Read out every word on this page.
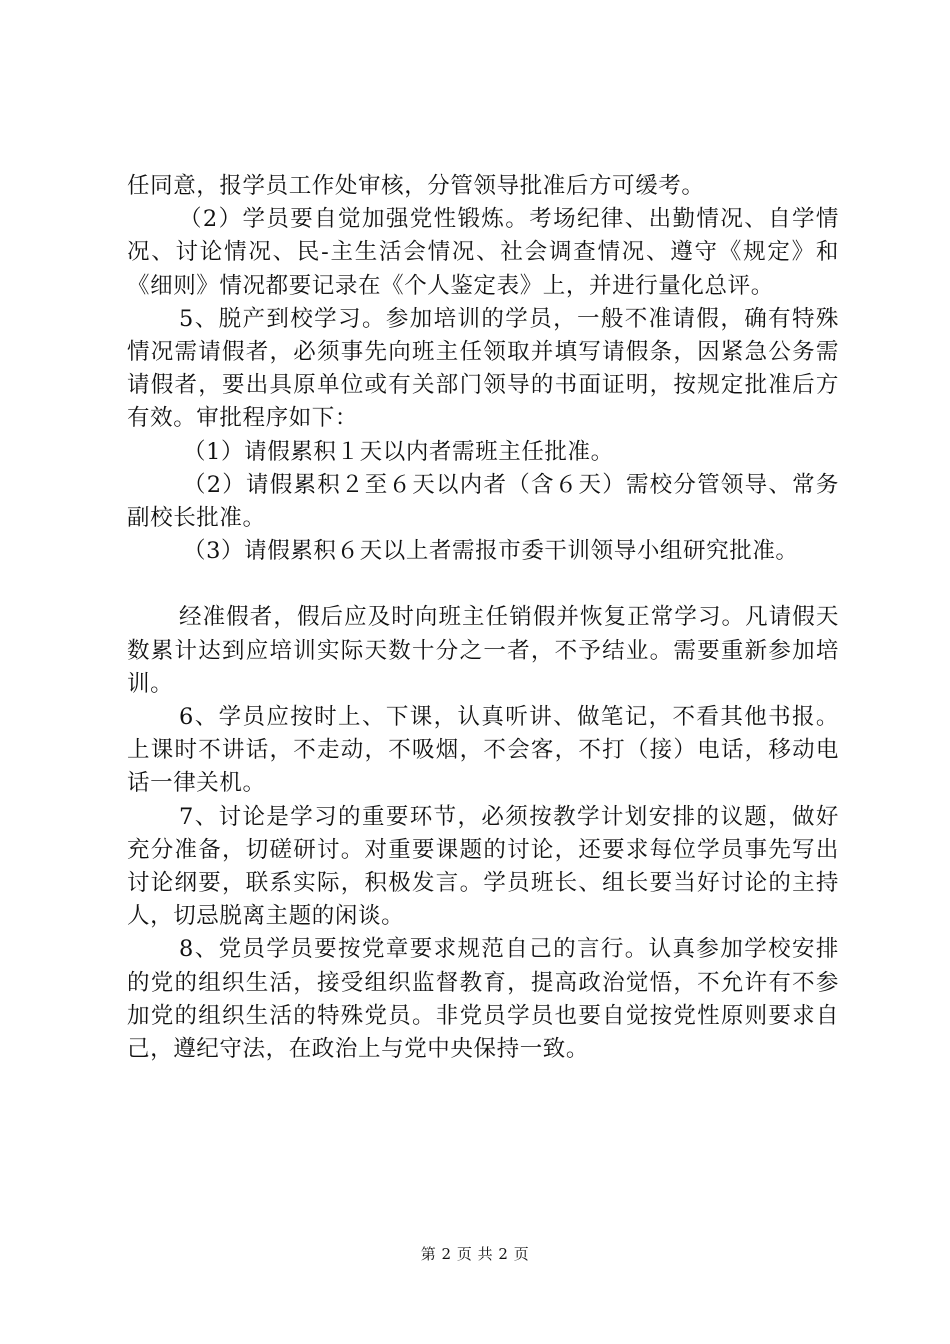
任同意，报学员工作处审核，分管领导批准后方可缓考。

（2）学员要自觉加强党性锻炼。考场纪律、出勤情况、自学情况、讨论情况、民-主生活会情况、社会调查情况、遵守《规定》和《细则》情况都要记录在《个人鉴定表》上，并进行量化总评。

5、脱产到校学习。参加培训的学员，一般不准请假，确有特殊情况需请假者，必须事先向班主任领取并填写请假条，因紧急公务需请假者，要出具原单位或有关部门领导的书面证明，按规定批准后方有效。审批程序如下：

（1）请假累积１天以内者需班主任批准。

（2）请假累积２至６天以内者（含６天）需校分管领导、常务副校长批准。

（3）请假累积６天以上者需报市委干训领导小组研究批准。

经准假者，假后应及时向班主任销假并恢复正常学习。凡请假天数累计达到应培训实际天数十分之一者，不予结业。需要重新参加培训。

6、学员应按时上、下课，认真听讲、做笔记，不看其他书报。上课时不讲话，不走动，不吸烟，不会客，不打（接）电话，移动电话一律关机。

7、讨论是学习的重要环节，必须按教学计划安排的议题，做好充分准备，切磋研讨。对重要课题的讨论，还要求每位学员事先写出讨论纲要，联系实际，积极发言。学员班长、组长要当好讨论的主持人，切忌脱离主题的闲谈。

8、党员学员要按党章要求规范自己的言行。认真参加学校安排的党的组织生活，接受组织监督教育，提高政治觉悟，不允许有不参加党的组织生活的特殊党员。非党员学员也要自觉按党性原则要求自己，遵纪守法，在政治上与党中央保持一致。

第 2 页 共 2 页
